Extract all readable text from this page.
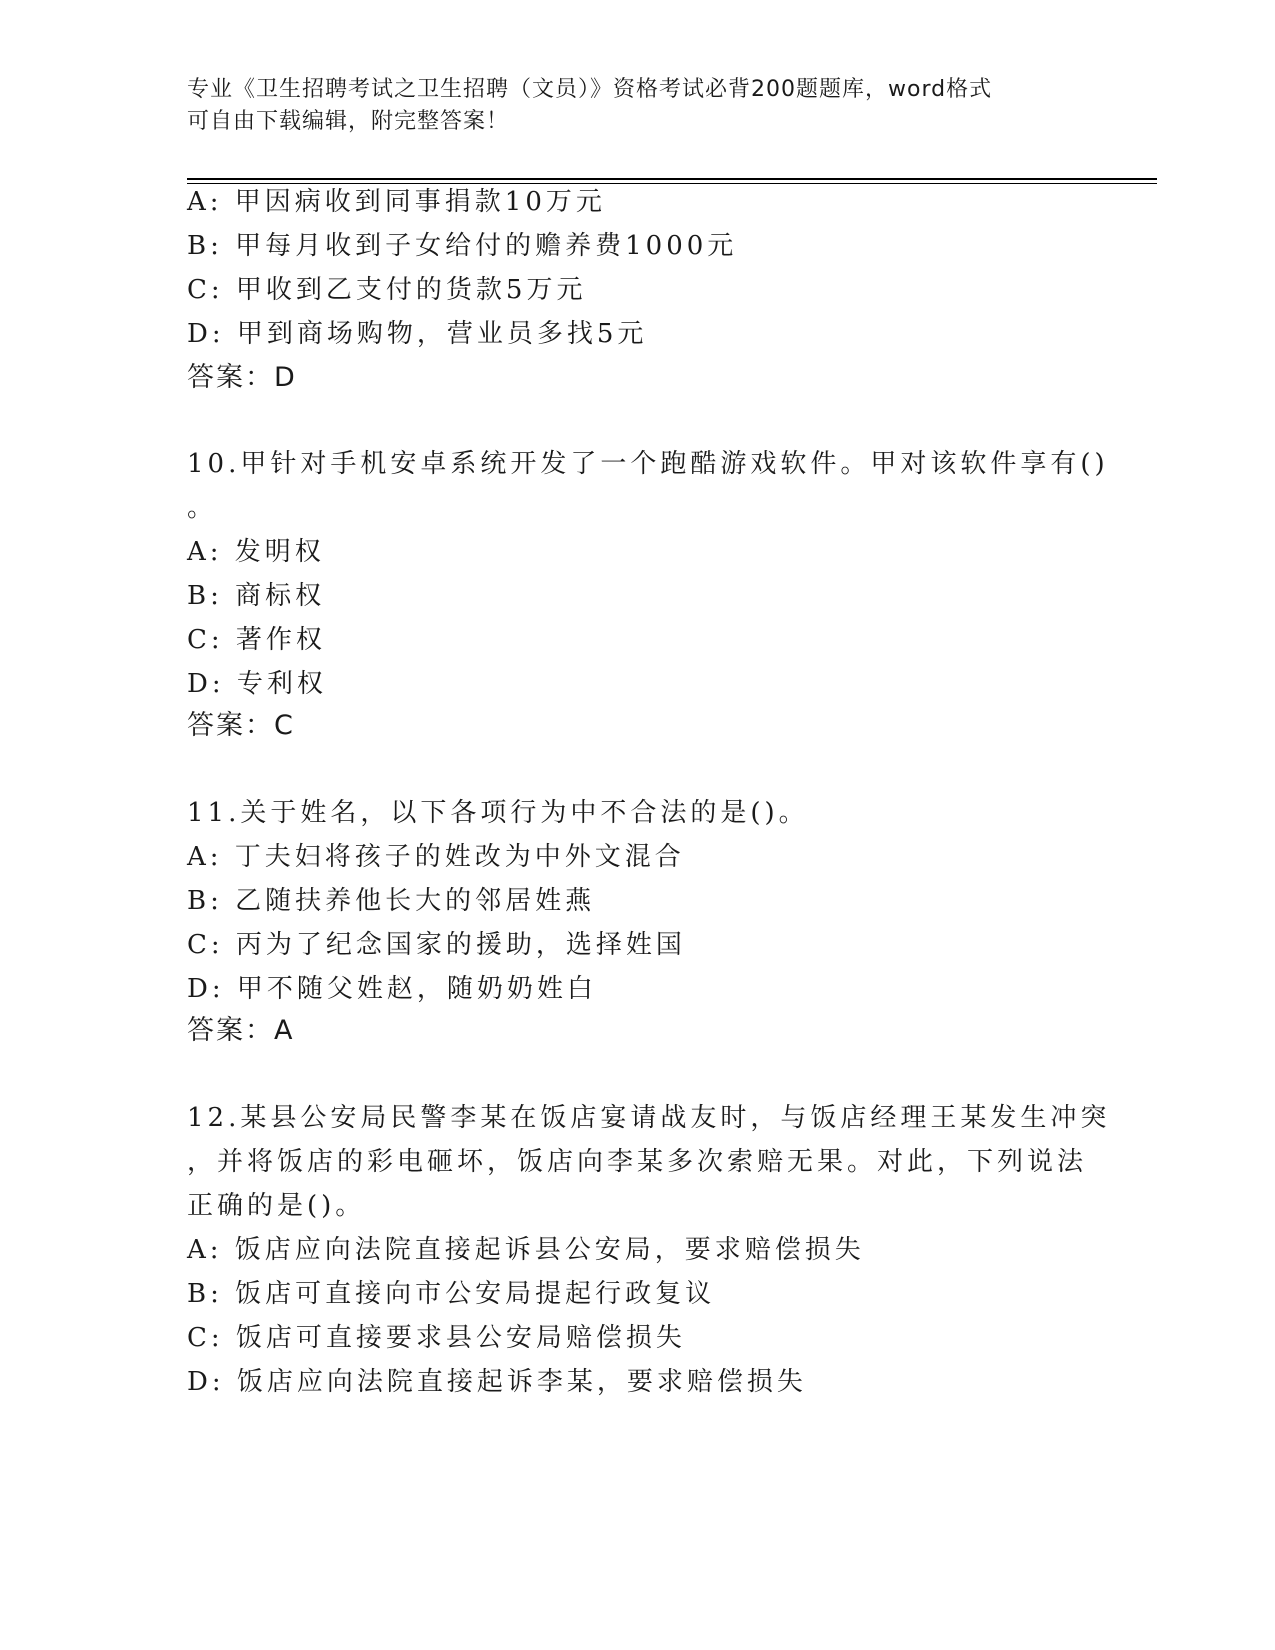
专业《卫生招聘考试之卫生招聘（文员）》资格考试必背200题题库，word格式
可自由下载编辑，附完整答案！
A: 甲因病收到同事捐款10万元
B: 甲每月收到子女给付的赡养费1000元
C: 甲收到乙支付的货款5万元
D: 甲到商场购物，营业员多找5元
答案：D
10.甲针对手机安卓系统开发了一个跑酷游戏软件。甲对该软件享有()
。
A: 发明权
B: 商标权
C: 著作权
D: 专利权
答案：C
11.关于姓名，以下各项行为中不合法的是()。
A: 丁夫妇将孩子的姓改为中外文混合
B: 乙随扶养他长大的邻居姓燕
C: 丙为了纪念国家的援助，选择姓国
D: 甲不随父姓赵，随奶奶姓白
答案：A
12.某县公安局民警李某在饭店宴请战友时，与饭店经理王某发生冲突
，并将饭店的彩电砸坏，饭店向李某多次索赔无果。对此，下列说法
正确的是()。
A: 饭店应向法院直接起诉县公安局，要求赔偿损失
B: 饭店可直接向市公安局提起行政复议
C: 饭店可直接要求县公安局赔偿损失
D: 饭店应向法院直接起诉李某，要求赔偿损失
